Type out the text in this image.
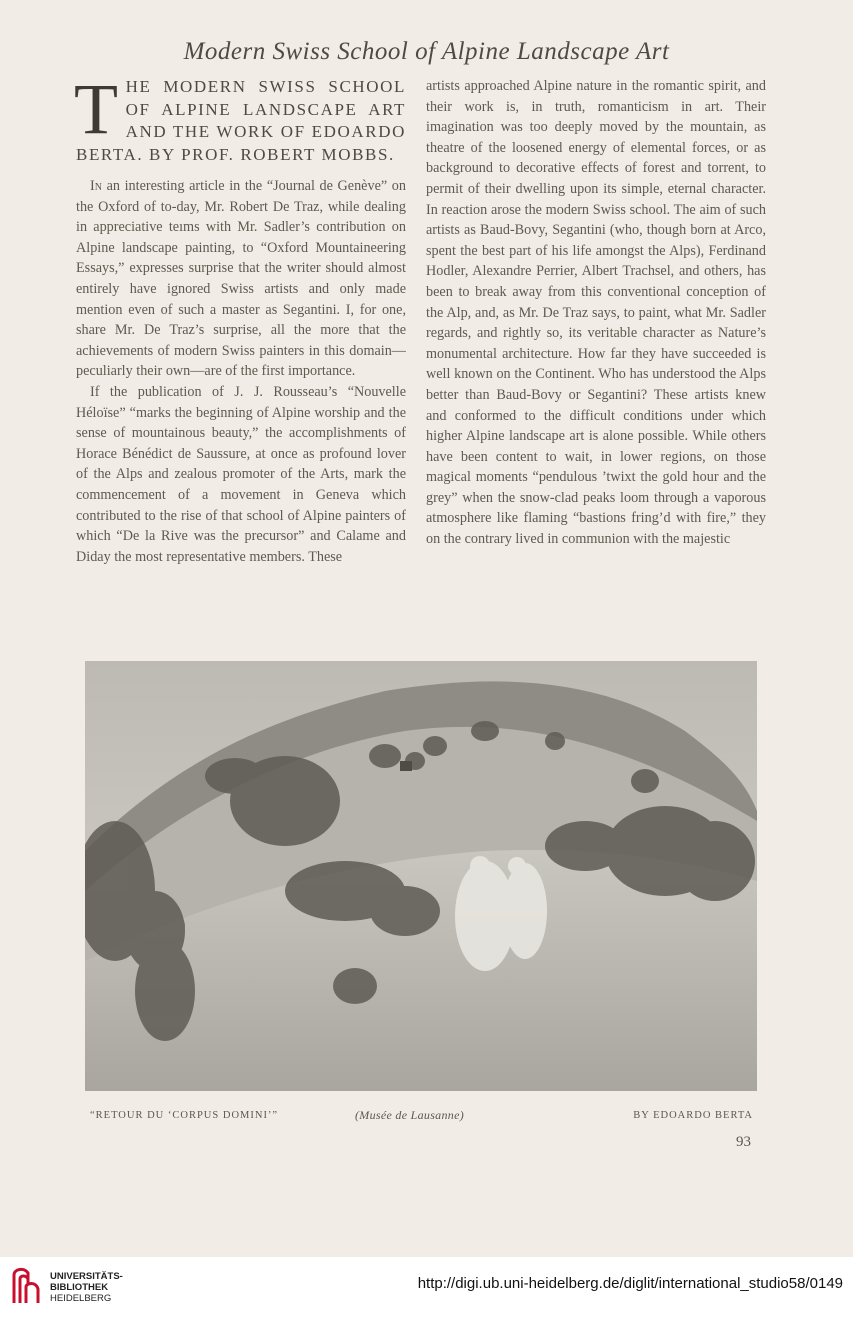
Modern Swiss School of Alpine Landscape Art
THE MODERN SWISS SCHOOL OF ALPINE LANDSCAPE ART AND THE WORK OF EDOARDO BERTA. BY PROF. ROBERT MOBBS.

In an interesting article in the “Journal de Genève” on the Oxford of to-day, Mr. Robert De Traz, while dealing in appreciative teıms with Mr. Sadler’s contribution on Alpine landscape painting, to “Oxford Mountaineering Essays,” expresses surprise that the writer should almost entirely have ignored Swiss artists and only made mention even of such a master as Segantini. I, for one, share Mr. De Traz’s surprise, all the more that the achievements of modern Swiss painters in this domain—peculiarly their own—are of the first importance.

If the publication of J. J. Rousseau’s “Nouvelle Héloïse” “marks the beginning of Alpine worship and the sense of mountainous beauty,” the accomplishments of Horace Bénédict de Saussure, at once as profound lover of the Alps and zealous promoter of the Arts, mark the commencement of a movement in Geneva which contributed to the rise of that school of Alpine painters of which “De la Rive was the precursor” and Calame and Diday the most representative members. These

artists approached Alpine nature in the romantic spirit, and their work is, in truth, romanticism in art. Their imagination was too deeply moved by the mountain, as theatre of the loosened energy of elemental forces, or as background to decorative effects of forest and torrent, to permit of their dwelling upon its simple, eternal character. In reaction arose the modern Swiss school. The aim of such artists as Baud-Bovy, Segantini (who, though born at Arco, spent the best part of his life amongst the Alps), Ferdinand Hodler, Alexandre Perrier, Albert Trachsel, and others, has been to break away from this conventional conception of the Alp, and, as Mr. De Traz says, to paint, what Mr. Sadler regards, and rightly so, its veritable character as Nature’s monumental architecture. How far they have succeeded is well known on the Continent. Who has understood the Alps better than Baud-Bovy or Segantini? These artists knew and conformed to the difficult conditions under which higher Alpine landscape art is alone possible. While others have been content to wait, in lower regions, on those magical moments “pendulous ’twixt the gold hour and the grey” when the snow-clad peaks loom through a vaporous atmosphere like flaming “bastions fring’d with fire,” they on the contrary lived in communion with the majestic

“RETOUR DU ‘CORPUS DOMINI’”	(Musée de Lausanne)	BY EDOARDO BERTA
93
UNIVERSITÄTS-
BIBLIOTHEK
HEIDELBERG
http://digi.ub.uni-heidelberg.de/diglit/international_studio58/0149
